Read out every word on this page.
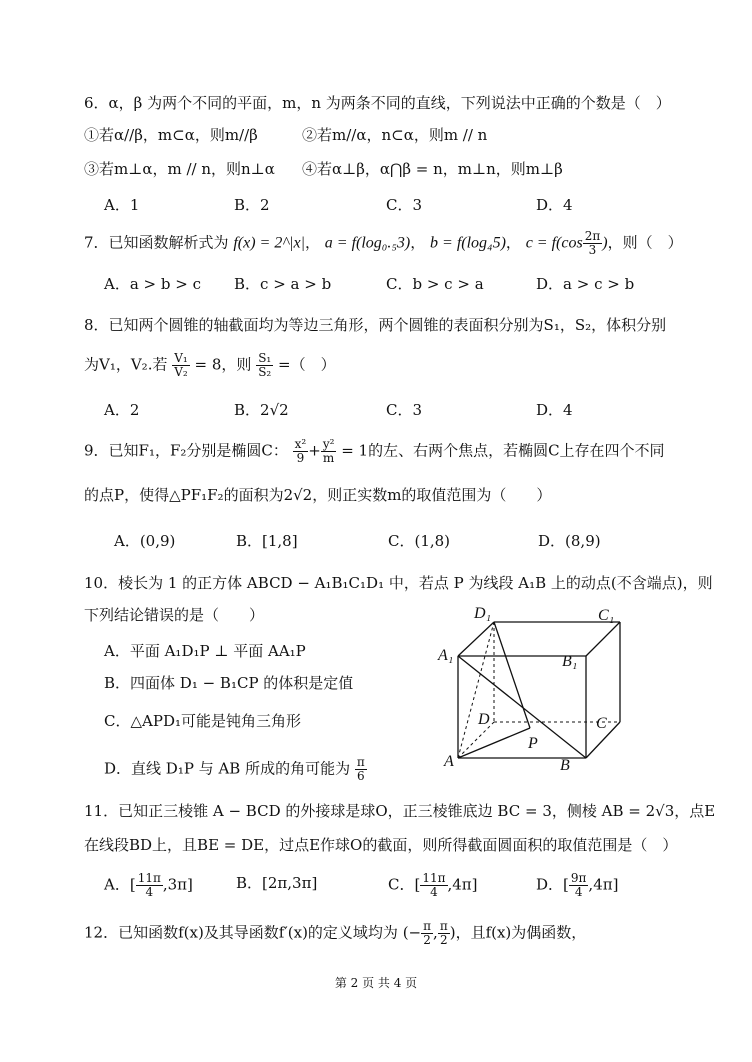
6．α，β 为两个不同的平面，m，n 为两条不同的直线，下列说法中正确的个数是（　）
①若α//β，m⊂α，则m//β	②若m//α，n⊂α，则m // n
③若m⊥α，m // n，则n⊥α ④若α⊥β，α⋂β = n，m⊥n，则m⊥β
A．1	B．2	C．3	D．4
7．已知函数解析式为 f(x) = 2^|x|， a = f(log₀.₅3)， b = f(log₄5)， $c = f(\cos \frac{2\pi}{3}$ )，则（　）
A．a > b > c B．c > a > b	C．b > c > a	D．a > c > b
8．已知两个圆锥的轴截面均为等边三角形，两个圆锥的表面积分别为S₁，S₂，体积分别
为V₁，V₂.若 $\frac{\text{V₁}}{\text{V₂}} = 8$，则 $\frac{\text{S₁}}{\text{S₂}}$ =（　）
A．2	B．2√2	C．3	D．4
9．已知F₁，F₂分别是椭圆C： $\frac{\text{x²}}{9} + \frac{\text{y²}}{m} = 1$的左、右两个焦点，若椭圆C上存在四个不同
的点P，使得△PF₁F₂的面积为2√2，则正实数m的取值范围为（　　）
A．(0,9)	B．[1,8]	C．(1,8)	D．(8,9)
10．棱长为 1 的正方体 ABCD − A₁B₁C₁D₁ 中，若点 P 为线段 A₁B 上的动点(不含端点)，则
下列结论错误的是（　　）
A．平面 A₁D₁P ⊥ 平面 AA₁P
B．四面体 D₁ − B₁CP 的体积是定值
C．△APD₁可能是钝角三角形
D．直线 D₁P 与 AB 所成的角可能为 $\frac{\pi}{6}$
D₁	C₁
A₁	B₁
D	C
P
A	B
11．已知正三棱锥 A − BCD 的外接球是球O，正三棱锥底边 BC = 3，侧棱 AB = 2√3，点E
在线段BD上，且BE = DE，过点E作球O的截面，则所得截面圆面积的取值范围是（　）
A．[ $\frac{11\pi}{4} ,3\pi$]	B．[2π,3π]	C．[ $\frac{11\pi}{4} ,4\pi$]	D．[ $\frac{9\pi}{4} ,4\pi$]
12．已知函数f(x)及其导函数f′(x)的定义域均为 (− $\frac{\pi}{2}$ , $\frac{\pi}{2}$ )，且f(x)为偶函数，
第 2 页 共 4 页
